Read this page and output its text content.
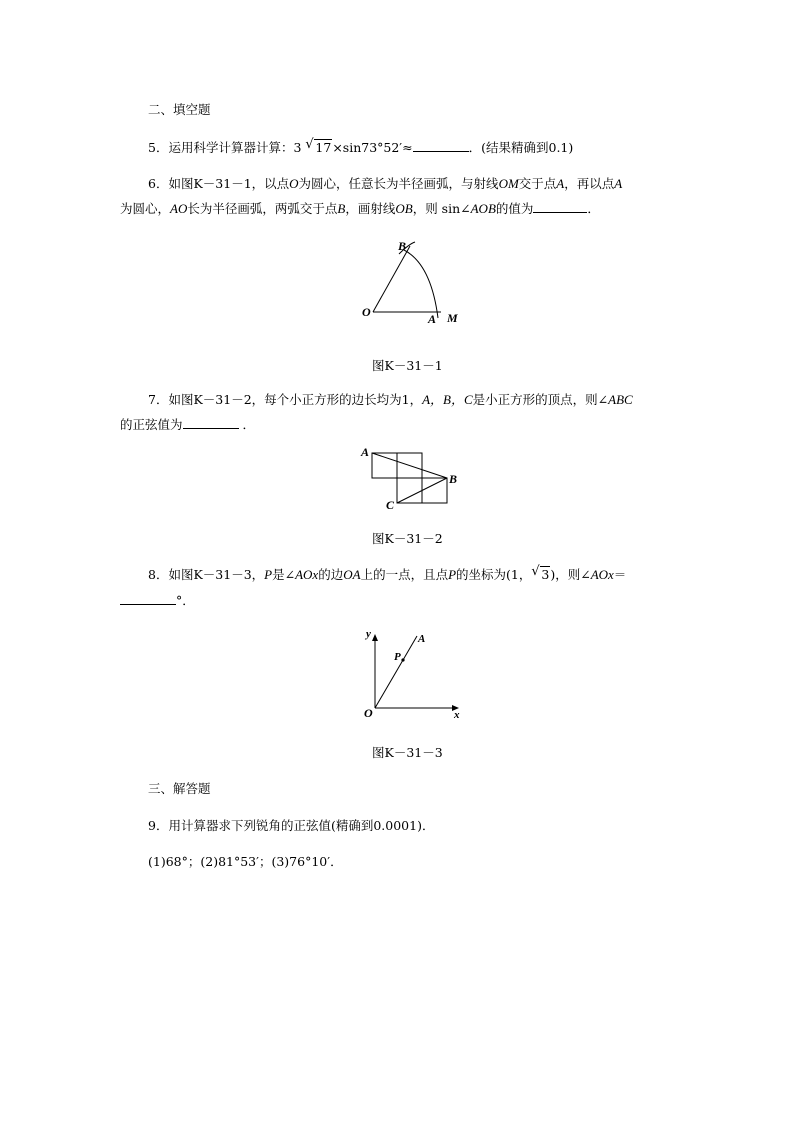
二、填空题
5．运用科学计算器计算：3 √ 17×sin73°52′≈	．(结果精确到0.1)
6．如图K－31－1，以点O为圆心，任意长为半径画弧，与射线OM交于点A，再以点A
为圆心，AO长为半径画弧，两弧交于点B，画射线OB，则 sin∠AOB的值为	．
B
O	A M
图K－31－1
7．如图K－31－2，每个小正方形的边长均为1，A，B，C是小正方形的顶点，则∠ABC
的正弦值为	．
A
B
C
图K－31－2
8．如图K－31－3，P是∠AOx的边OA上的一点，且点P的坐标为(1， √ 3)，则∠AOx＝
°．
y	A
P
O	x
图K－31－3
三、解答题
9．用计算器求下列锐角的正弦值(精确到0.0001)．
(1)68°；(2)81°53′；(3)76°10′．
